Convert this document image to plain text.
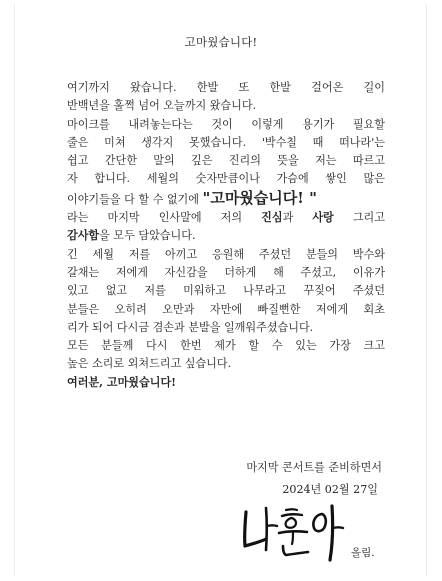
고마웠습니다!
여기까지 왔습니다. 한발 또 한발 걸어온 길이
반백년을 훌쩍 넘어 오늘까지 왔습니다.
마이크를 내려놓는다는 것이 이렇게 용기가 필요할
줄은 미쳐 생각지 못했습니다. '박수칠 때 떠나라'는
쉽고 간단한 말의 깊은 진리의 뜻을 저는 따르고
자 합니다. 세월의 숫자만큼이나 가슴에 쌓인 많은
이야기들을 다 할 수 없기에 "고마웠습니다! "
라는 마지막 인사말에 저의 진심과 사랑 그리고
감사함을 모두 담았습니다.
긴 세월 저를 아끼고 응원해 주셨던 분들의 박수와
갈채는 저에게 자신감을 더하게 해 주셨고, 이유가
있고 없고 저를 미워하고 나무라고 꾸짖어 주셨던
분들은 오히려 오만과 자만에 빠질뻔한 저에게 회초
리가 되어 다시금 겸손과 분발을 일깨워주셨습니다.
모든 분들께 다시 한번 제가 할 수 있는 가장 크고
높은 소리로 외쳐드리고 싶습니다.
여러분, 고마웠습니다!
마지막 콘서트를 준비하면서
2024년 02월 27일
올림.
